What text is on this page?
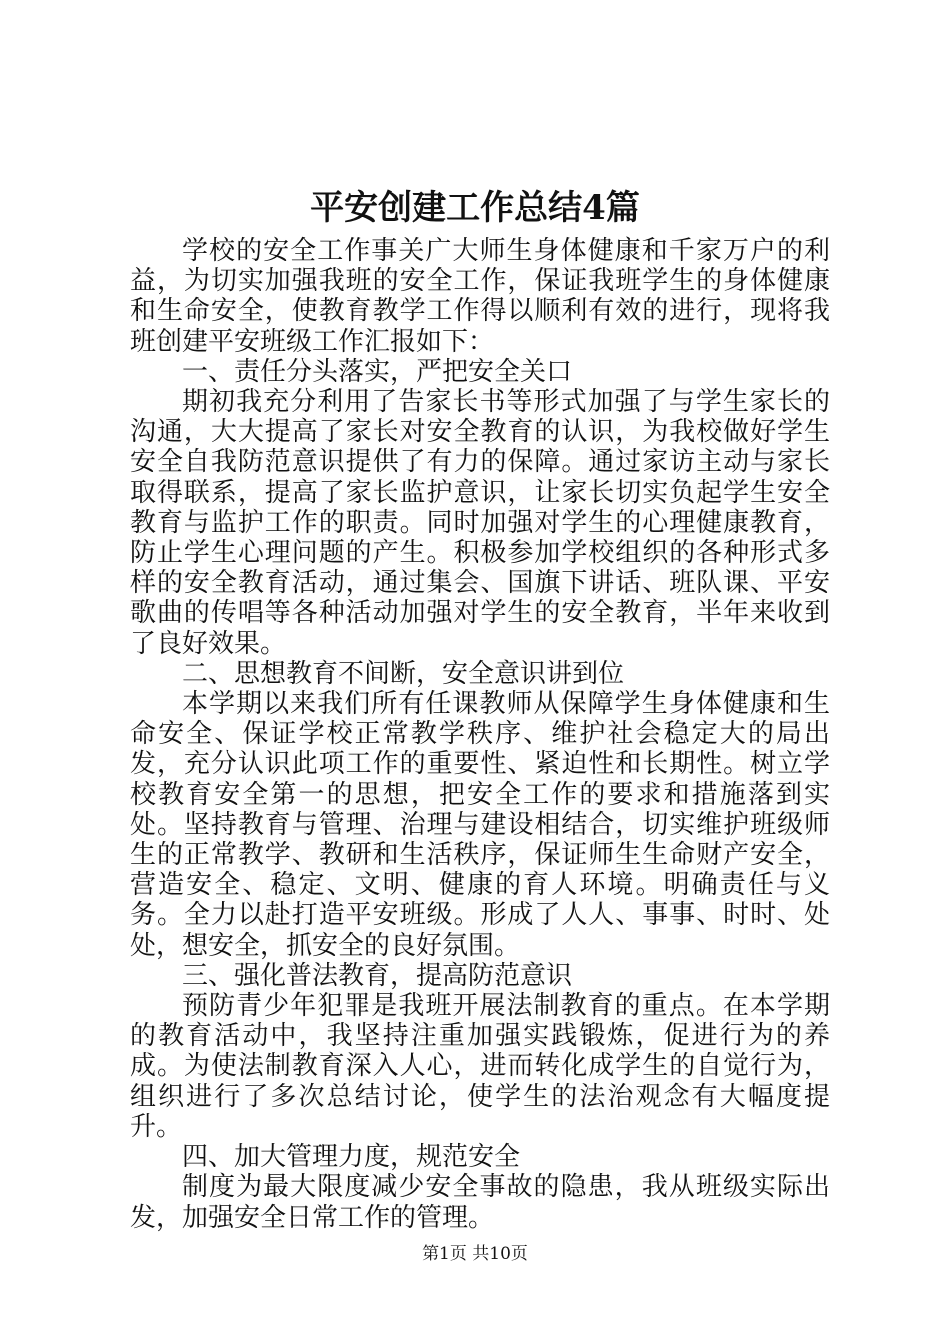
平安创建工作总结4篇

学校的安全工作事关广大师生身体健康和千家万户的利益，为切实加强我班的安全工作，保证我班学生的身体健康和生命安全，使教育教学工作得以顺利有效的进行，现将我班创建平安班级工作汇报如下：

一、责任分头落实，严把安全关口

期初我充分利用了告家长书等形式加强了与学生家长的沟通，大大提高了家长对安全教育的认识，为我校做好学生安全自我防范意识提供了有力的保障。通过家访主动与家长取得联系，提高了家长监护意识，让家长切实负起学生安全教育与监护工作的职责。同时加强对学生的心理健康教育，防止学生心理问题的产生。积极参加学校组织的各种形式多样的安全教育活动，通过集会、国旗下讲话、班队课、平安歌曲的传唱等各种活动加强对学生的安全教育，半年来收到了良好效果。

二、思想教育不间断，安全意识讲到位

本学期以来我们所有任课教师从保障学生身体健康和生命安全、保证学校正常教学秩序、维护社会稳定大的局出发，充分认识此项工作的重要性、紧迫性和长期性。树立学校教育安全第一的思想，把安全工作的要求和措施落到实处。坚持教育与管理、治理与建设相结合，切实维护班级师生的正常教学、教研和生活秩序，保证师生生命财产安全，营造安全、稳定、文明、健康的育人环境。明确责任与义务。全力以赴打造平安班级。形成了人人、事事、时时、处处，想安全，抓安全的良好氛围。

三、强化普法教育，提高防范意识

预防青少年犯罪是我班开展法制教育的重点。在本学期的教育活动中，我坚持注重加强实践锻炼，促进行为的养成。为使法制教育深入人心，进而转化成学生的自觉行为，组织进行了多次总结讨论，使学生的法治观念有大幅度提升。

四、加大管理力度，规范安全

制度为最大限度减少安全事故的隐患，我从班级实际出发，加强安全日常工作的管理。

第1页 共10页
